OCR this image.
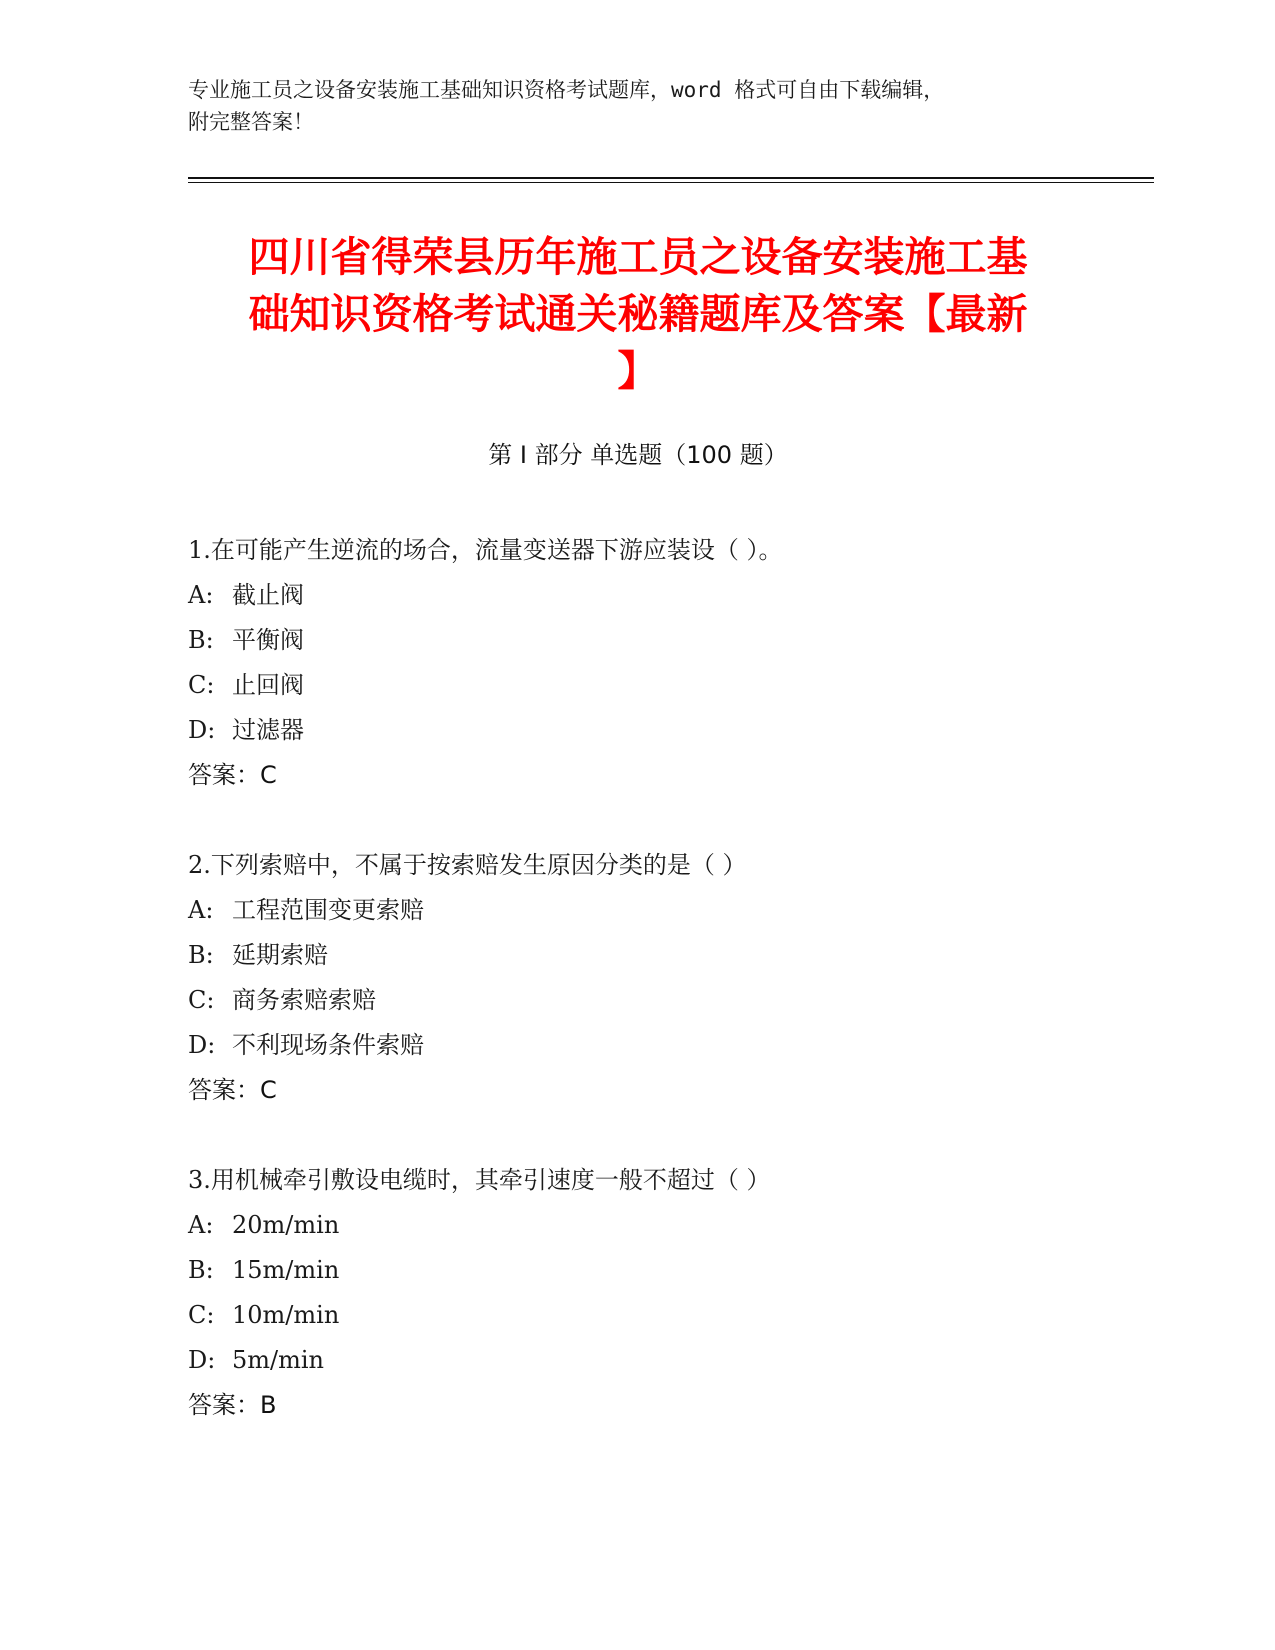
专业施工员之设备安装施工基础知识资格考试题库，word 格式可自由下载编辑，
附完整答案！
四川省得荣县历年施工员之设备安装施工基
础知识资格考试通关秘籍题库及答案【最新
】
第 I 部分 单选题（100 题）
1.在可能产生逆流的场合，流量变送器下游应装设（ ）。
A: 截止阀
B: 平衡阀
C: 止回阀
D: 过滤器
答案：C
2.下列索赔中，不属于按索赔发生原因分类的是（ ）
A: 工程范围变更索赔
B: 延期索赔
C: 商务索赔索赔
D: 不利现场条件索赔
答案：C
3.用机械牵引敷设电缆时，其牵引速度一般不超过（ ）
A: 20m/min
B: 15m/min
C: 10m/min
D: 5m/min
答案：B
